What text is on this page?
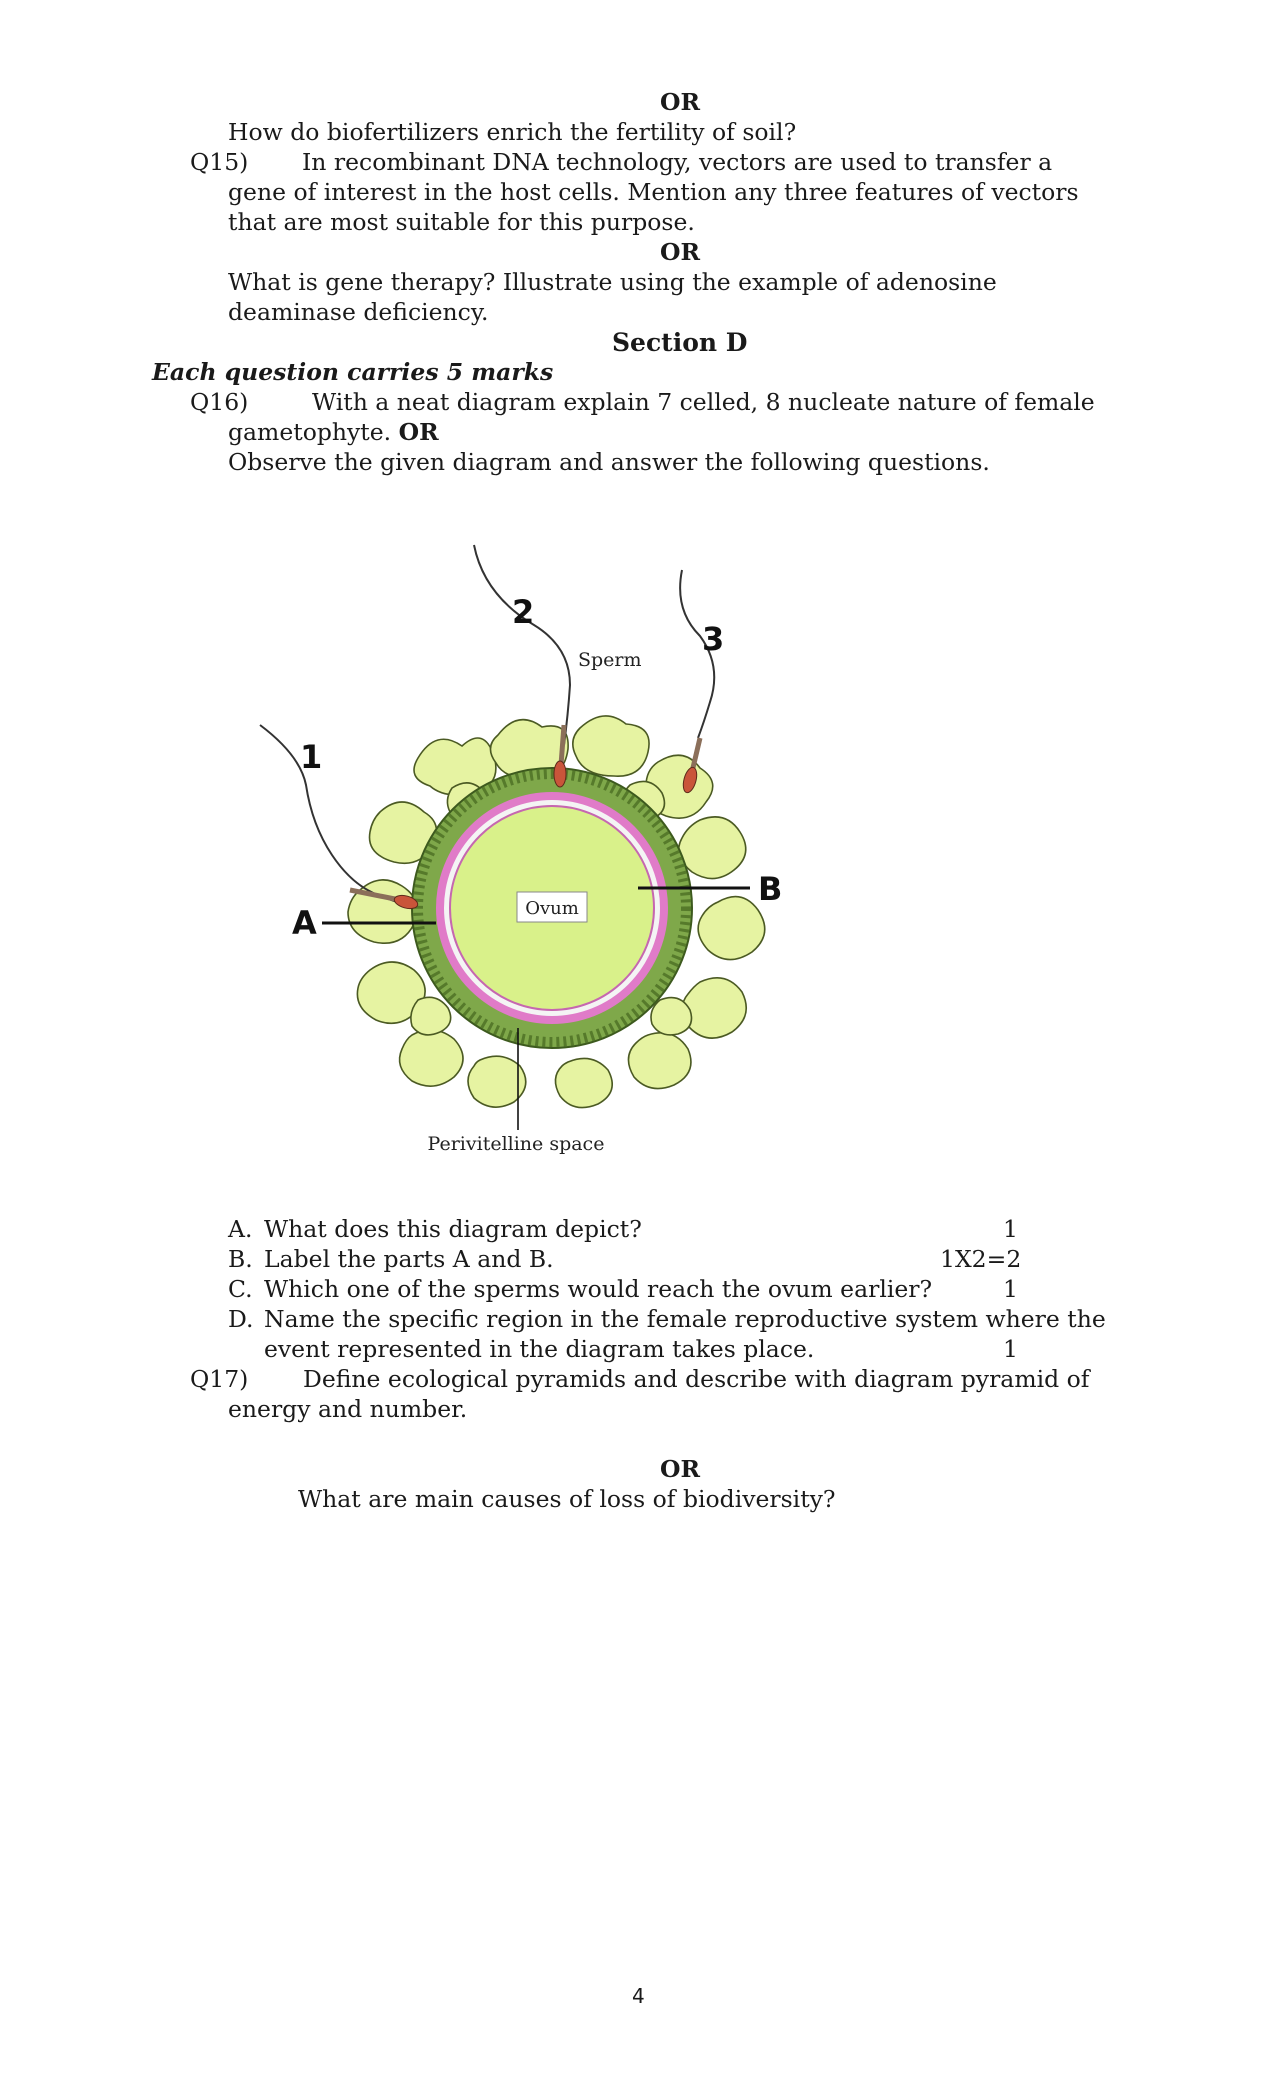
OR

How do biofertilizers enrich the fertility of soil?

Q15) In recombinant DNA technology, vectors are used to transfer a

gene of interest in the host cells. Mention any three features of vectors

that are most suitable for this purpose.

OR

What is gene therapy? Illustrate using the example of adenosine

deaminase deficiency.

Section D

Each question carries 5 marks

Q16)	With a neat diagram explain 7 celled, 8 nucleate nature of female

gametophyte. OR

Observe the given diagram and answer the following questions.

Ovum
1
2
3
Sperm
A
B
Perivitelline space

A. What does this diagram depict?	1

B. Label the parts A and B.	1X2=2

C. Which one of the sperms would reach the ovum earlier?	1

D. Name the specific region in the female reproductive system where the

event represented in the diagram takes place.	1

Q17) Define ecological pyramids and describe with diagram pyramid of

energy and number.

OR

What are main causes of loss of biodiversity?

4
